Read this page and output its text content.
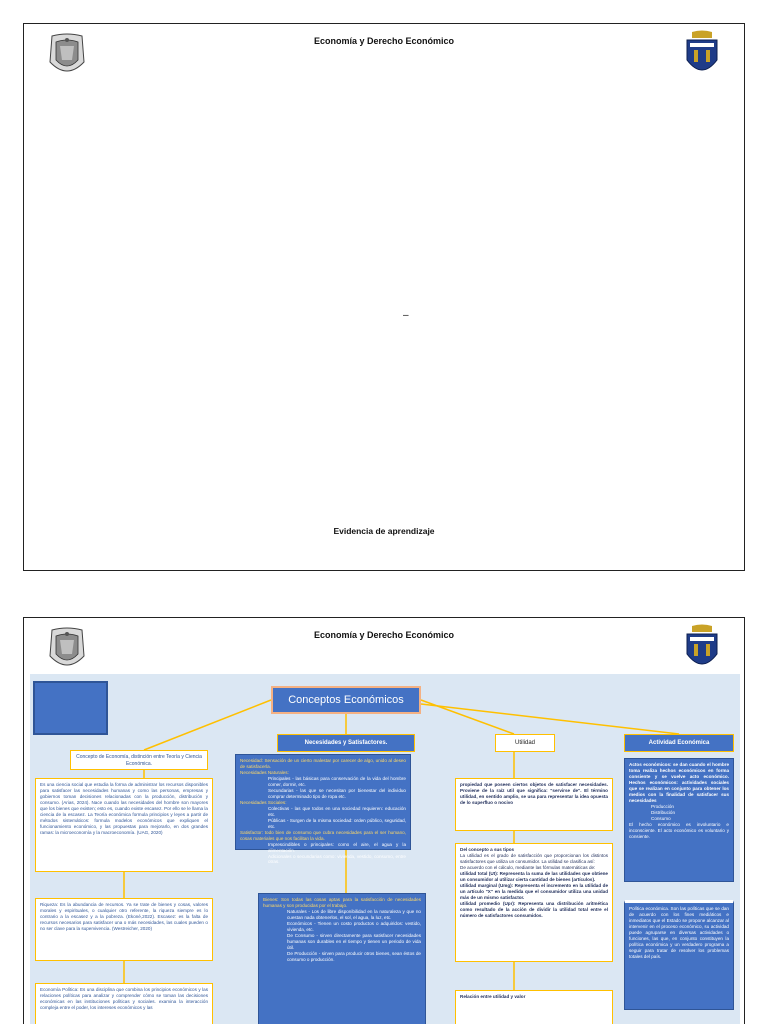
Economía y Derecho Económico
–
Evidencia de aprendizaje
Economía y Derecho Económico
Conceptos Económicos
Necesidades y Satisfactores.	Utilidad	Actividad Económica
Concepto de Economía, distinción entre Teoría y Ciencia Económica.
Es una ciencia social que estudia la forma de administrar los recursos disponibles para satisfacer las necesidades humanas y como las personas, empresas y gobiernos toman decisiones relacionadas con la producción, distribución y consumo. (Arias, 2024). Nace cuando las necesidades del hombre son mayores que los bienes que existen; esto es, cuando existe escasez. Por ello se le llama la ciencia de la escasez. La Teoría económica formula principios y leyes a partir de métodos sistemáticos: formula modelos económicos que expliquen el funcionamiento económico, y las propuestas para mejorarlo, en dos grandes ramas: la microeconomía y la macroeconomía. (UAG, 2020)
Riqueza: Es la abundancia de recursos. Ya se trate de bienes y cosas, valores morales y espirituales, o cualquier otro referente, la riqueza siempre es lo contrario a la escasez y a la pobreza. (Ekoné,2022). Escasez: es la falta de recursos necesarios para satisfacer una o más necesidades, las cuales pueden o no ser clave para la supervivencia. (Westreicher, 2020)
Economía Política: Es una disciplina que combina los principios económicos y las relaciones políticas para analizar y comprender cómo se toman las decisiones económicas en las instituciones políticas y sociales. examina la interacción compleja entre el poder, los intereses económicos y las

Necesidad: Sensación de un cierto malestar por carecer de algo, unido al deseo de satisfacerla.

Necesidades Naturales:

Principales - las básicas para conservación de la vida del hombre comer, dormir, etc.

Secundarias - las que se necesitan por bienestar del individuo comprar determinado tipo de ropa etc.

Necesidades Sociales:

Colectivas - las que todos en una sociedad requieren: educación etc.

Públicas - Surgen de la misma sociedad: orden público, seguridad, etc.

Satisfactor: todo bien de consumo que cubra necesidades para el ser humano, cosas materiales que nos facilitan la vida.

Imprescindibles o principales: como el aire, el agua y la alimentación.

Adicionales o secundarias como: vivienda, vestido, consumo, entre otras.

Bienes: Son todas las cosas aptas para la satisfacción de necesidades humanas y son producidas por el trabajo.

Naturales - Los de libre disponibilidad en la naturaleza y que no cuestan nada obtenerlos, el sol, el agua, la luz, etc.

Económicos - Tienen un costo productos o adquiridos: vestido, vivienda, etc.

De Consumo - sirven directamente para satisfacer necesidades humanas son durables en el tiempo y tienen un periodo de vida útil.

De Producción - sirven para producir otros bienes, sean éstos de consumo o producción.

propiedad que poseen ciertos objetos de satisfacer necesidades. Proviene de la raíz util que significa: "servirse de". El término utilidad, en sentido amplio, se usa para representar la idea opuesta de lo superfluo o nocivo

Del concepto a sus tipos

La utilidad es el grado de satisfacción que proporcionan los distintos satisfactores que utiliza un consumidor. La utilidad se clasifica así:

De acuerdo con el cálculo, mediante las fórmulas matemáticas de:

utilidad total (Ut): Representa la suma de las utilidades que obtiene un consumidor al utilizar cierta cantidad de bienes (artículos).

utilidad marginal (Umg): Representa el incremento en la utilidad de un artículo "X" en la medida que el consumidor utiliza una unidad más de un mismo satisfactor.

utilidad promedio (Upr): Representa una distribución aritmética como resultado de la acción de dividir la utilidad total entre el número de satisfactores consumidos.

Relación entre utilidad y valor

Actos económicos: se dan cuando el hombre toma realiza hechos económicos en forma consiente y se vuelve acto económico. Hechos económicos: actividades sociales que se realizan en conjunto para obtener los medios con la finalidad de satisfacer sus necesidades

Producción

Distribución

Consumo

El hecho económico es involuntario e inconsciente. El acto económico es voluntario y consiente.

Política económica. Son las políticas que se dan de acuerdo con los fines mediáticos e inmediatos que el Estado se propone alcanzar al intervenir en el proceso económico, su actividad puede agruparse en diversas actividades o funciones, las que, en conjunto constituyen la política económica y un verdadero programa a seguir para tratar de resolver los problemas totales del país.
